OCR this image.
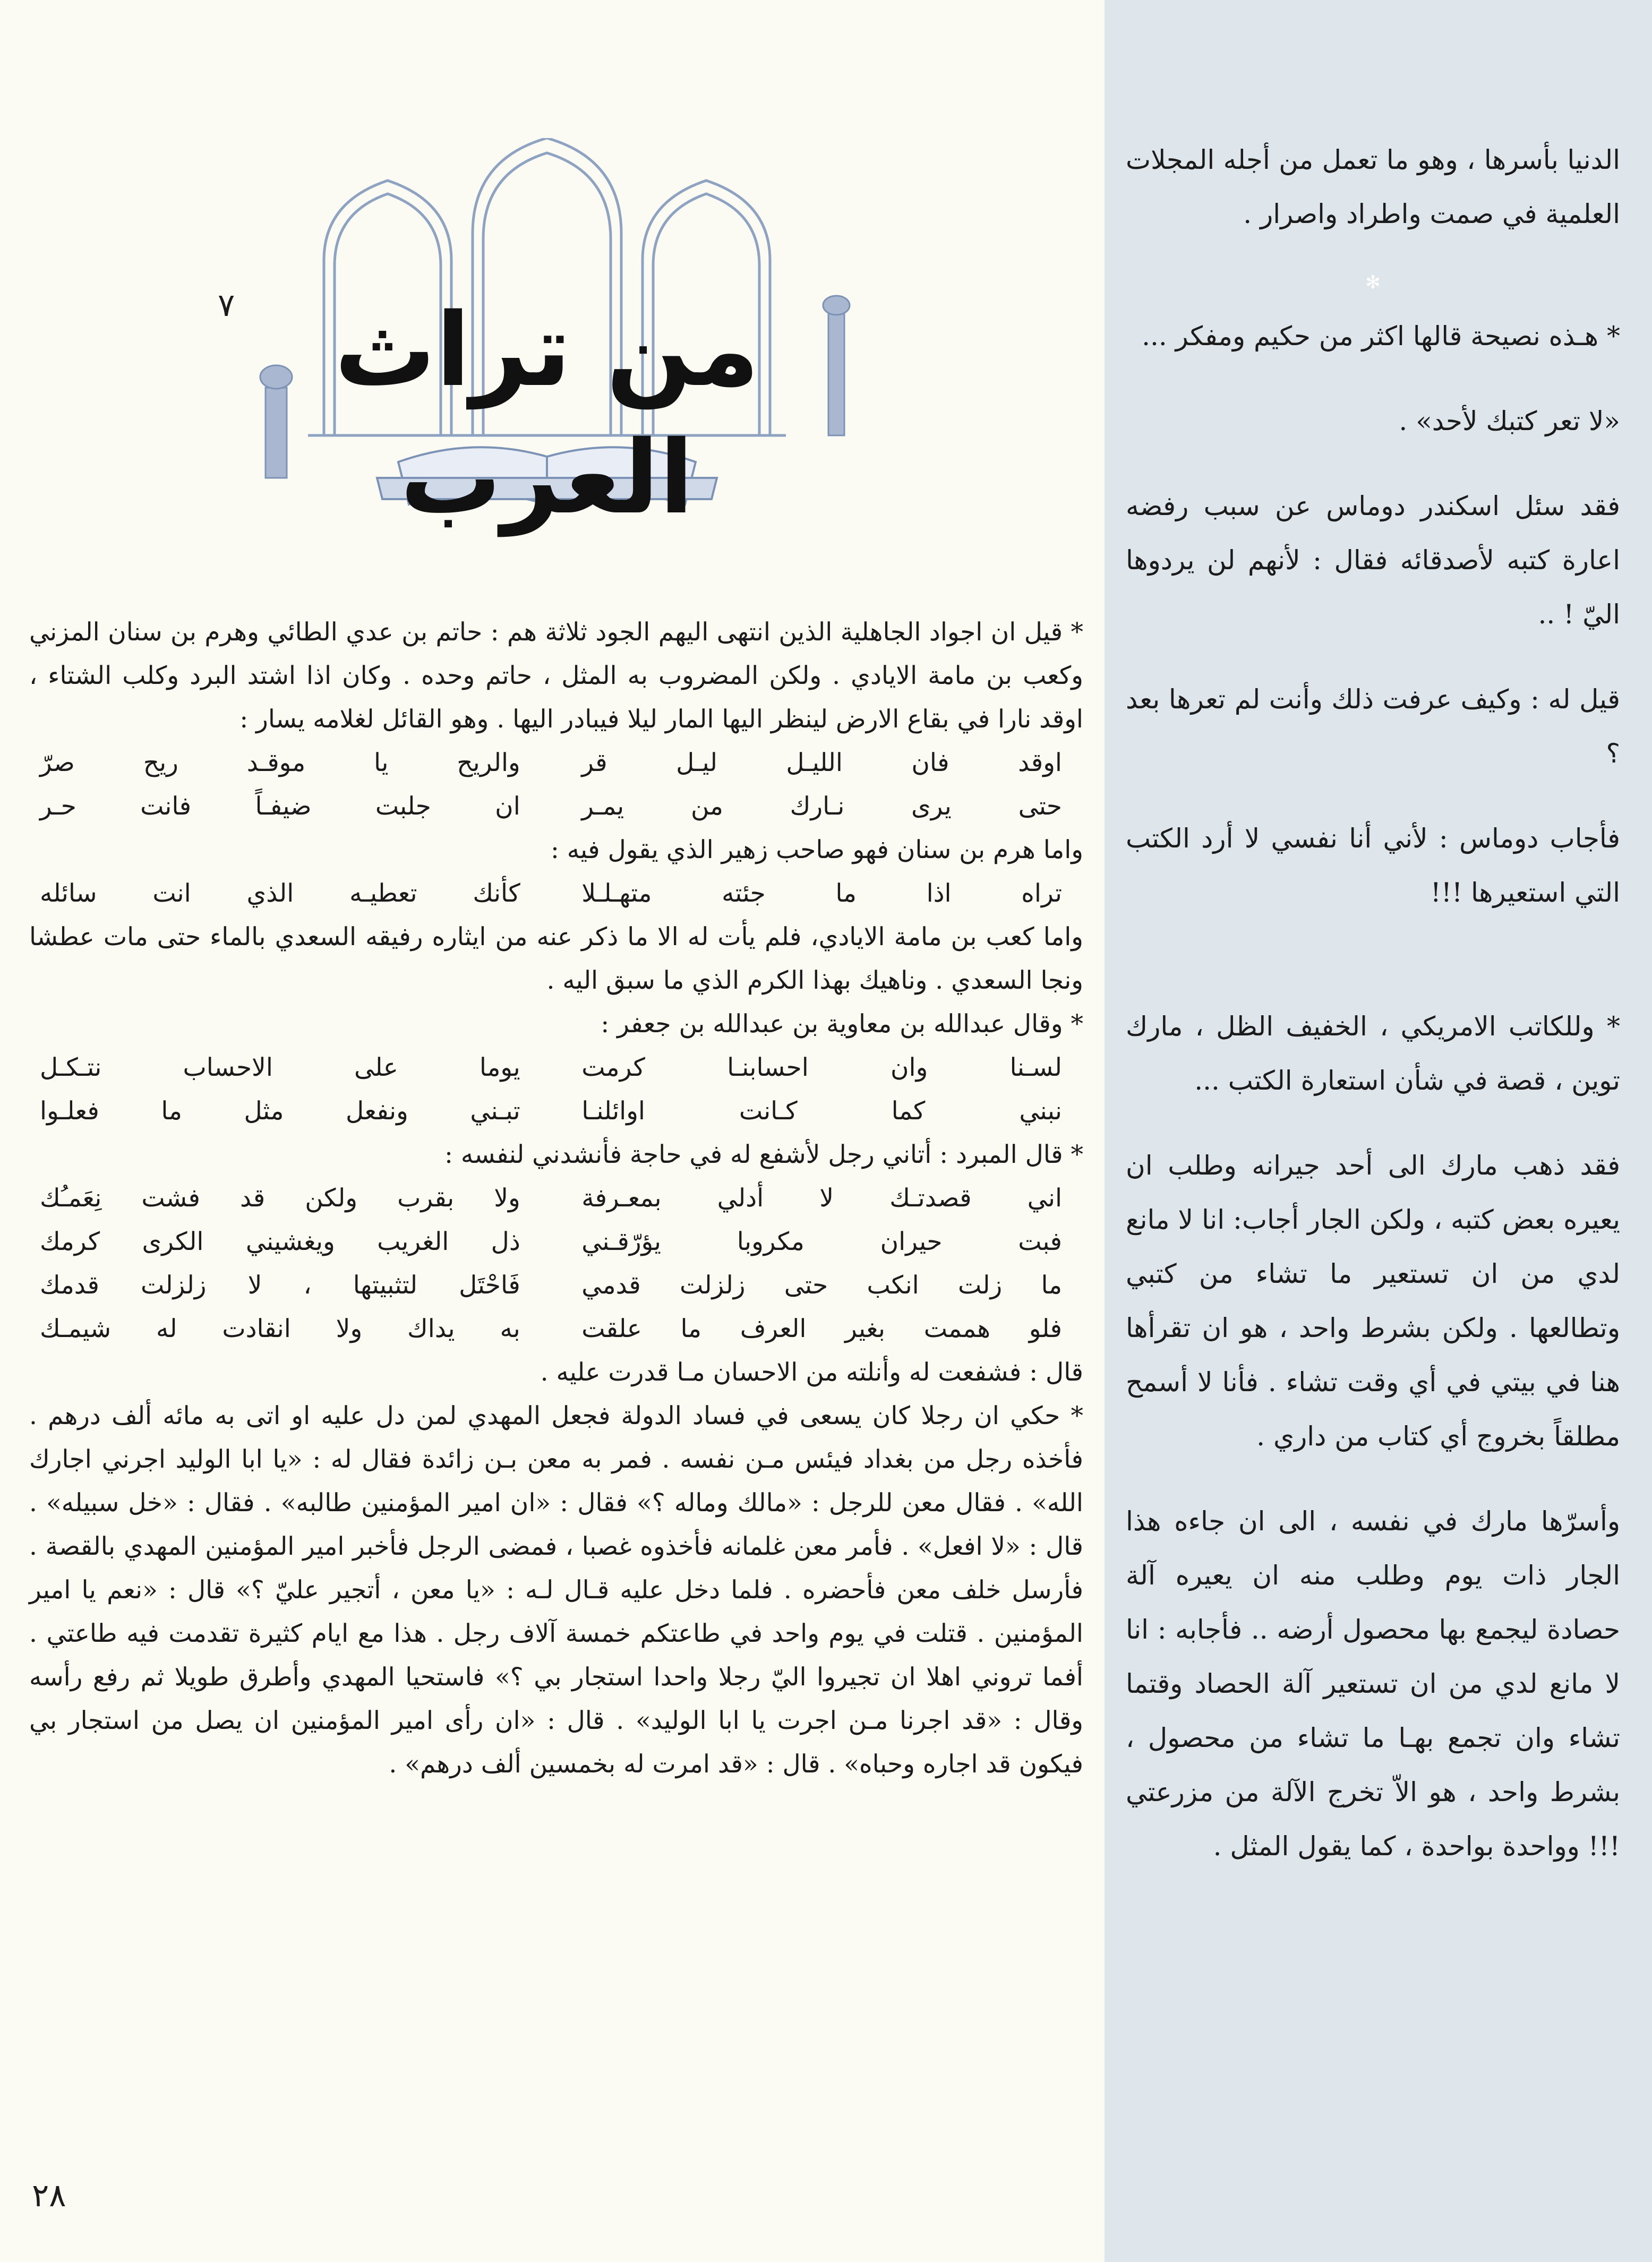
الدنيا بأسرها ، وهو ما تعمل من أجله المجلات العلمية في صمت واطراد واصرار .

✻

* هـذه نصيحة قالها اكثر من حكيم ومفكر ...

«لا تعر كتبك لأحد» .

فقد سئل اسكندر دوماس عن سبب رفضه اعارة كتبه لأصدقائه فقال : لأنهم لن يردوها اليّ ! ..

قيل له : وكيف عرفت ذلك وأنت لم تعرها بعد ؟

فأجاب دوماس : لأني أنا نفسي لا أرد الكتب التي استعيرها !!!

* وللكاتب الامريكي ، الخفيف الظل ، مارك توين ، قصة في شأن استعارة الكتب ...

فقد ذهب مارك الى أحد جيرانه وطلب ان يعيره بعض كتبه ، ولكن الجار أجاب: انا لا مانع لدي من ان تستعير ما تشاء من كتبي وتطالعها . ولكن بشرط واحد ، هو ان تقرأها هنا في بيتي في أي وقت تشاء . فأنا لا أسمح مطلقاً بخروج أي كتاب من داري .

وأسرّها مارك في نفسه ، الى ان جاءه هذا الجار ذات يوم وطلب منه ان يعيره آلة حصادة ليجمع بها محصول أرضه .. فأجابه : انا لا مانع لدي من ان تستعير آلة الحصاد وقتما تشاء وان تجمع بهـا ما تشاء من محصول ، بشرط واحد ، هو الاّ تخرج الآلة من مزرعتي !!! وواحدة بواحدة ، كما يقول المثل .

من تراث العرب
٧

* قيل ان اجواد الجاهلية الذين انتهى اليهم الجود ثلاثة هم : حاتم بن عدي الطائي وهرم بن سنان المزني وكعب بن مامة الايادي . ولكن المضروب به المثل ، حاتم وحده . وكان اذا اشتد البرد وكلب الشتاء ، اوقد نارا في بقاع الارض لينظر اليها المار ليلا فيبادر اليها . وهو القائل لغلامه يسار :

اوقد فان الليـل ليـل قر
والريح يا موقـد ريح صرّ
حتى يرى نـارك من يمـر
ان جلبت ضيفـاً فانت حـر

واما هرم بن سنان فهو صاحب زهير الذي يقول فيه :

تراه اذا ما جئته متهـلـلا
كأنك تعطيـه الذي انت سائله

واما كعب بن مامة الايادي، فلم يأت له الا ما ذكر عنه من ايثاره رفيقه السعدي بالماء حتى مات عطشا ونجا السعدي . وناهيك بهذا الكرم الذي ما سبق اليه .

* وقال عبدالله بن معاوية بن عبدالله بن جعفر :

لسـنا وان احسابنـا كرمت
يوما على الاحساب نتـكـل
نبني كما كـانت اوائلنـا
تبـني ونفعل مثل ما فعلـوا

* قال المبرد : أتاني رجل لأشفع له في حاجة فأنشدني لنفسه :

اني قصدتـك لا أدلي بمعـرفة
ولا بقرب ولكن قد فشت نِعَمـُك
فبت حيران مكروبا يؤرّقـني
ذل الغريب ويغشيني الكرى كرمك
ما زلت انكب حتى زلزلت قدمي
فَاحْتَل لتثبيتها ، لا زلزلت قدمك
فلو هممت بغير العرف ما علقت
به يداك ولا انقادت له شيمـك

قال : فشفعت له وأنلته من الاحسان مـا قدرت عليه .

* حكي ان رجلا كان يسعى في فساد الدولة فجعل المهدي لمن دل عليه او اتى به مائه ألف درهم . فأخذه رجل من بغداد فيئس مـن نفسه . فمر به معن بـن زائدة فقال له : «يا ابا الوليد اجرني اجارك الله» . فقال معن للرجل : «مالك وماله ؟» فقال : «ان امير المؤمنين طالبه» . فقال : «خل سبيله» . قال : «لا افعل» . فأمر معن غلمانه فأخذوه غصبا ، فمضى الرجل فأخبر امير المؤمنين المهدي بالقصة . فأرسل خلف معن فأحضره . فلما دخل عليه قـال لـه : «يا معن ، أتجير عليّ ؟» قال : «نعم يا امير المؤمنين . قتلت في يوم واحد في طاعتكم خمسة آلاف رجل . هذا مع ايام كثيرة تقدمت فيه طاعتي . أفما تروني اهلا ان تجيروا اليّ رجلا واحدا استجار بي ؟» فاستحيا المهدي وأطرق طويلا ثم رفع رأسه وقال : «قد اجرنا مـن اجرت يا ابا الوليد» . قال : «ان رأى امير المؤمنين ان يصل من استجار بي فيكون قد اجاره وحباه» . قال : «قد امرت له بخمسين ألف درهم» .

٢٨
